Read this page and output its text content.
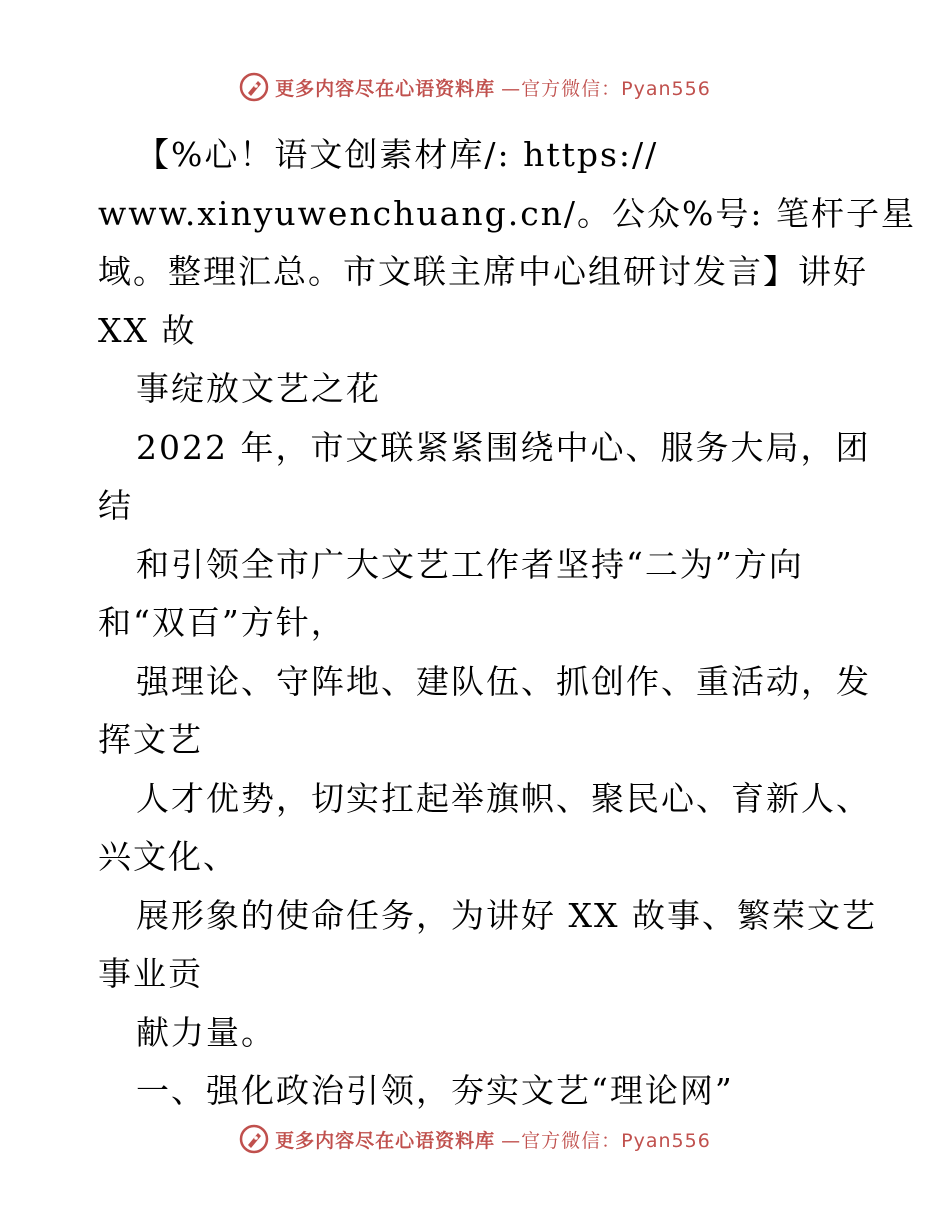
更多内容尽在心语资料库 —官方微信：Pyan556
【%心！语文创素材库/: https://
www.xinyuwenchuang.cn/。公众%号: 笔杆子星
域。整理汇总。市文联主席中心组研讨发言】讲好
XX 故
事绽放文艺之花
2022 年，市文联紧紧围绕中心、服务大局，团
结
和引领全市广大文艺工作者坚持“二为”方向
和“双百”方针，
强理论、守阵地、建队伍、抓创作、重活动，发
挥文艺
人才优势，切实扛起举旗帜、聚民心、育新人、
兴文化、
展形象的使命任务，为讲好 XX 故事、繁荣文艺
事业贡
献力量。
一、强化政治引领，夯实文艺“理论网”
更多内容尽在心语资料库 —官方微信：Pyan556
